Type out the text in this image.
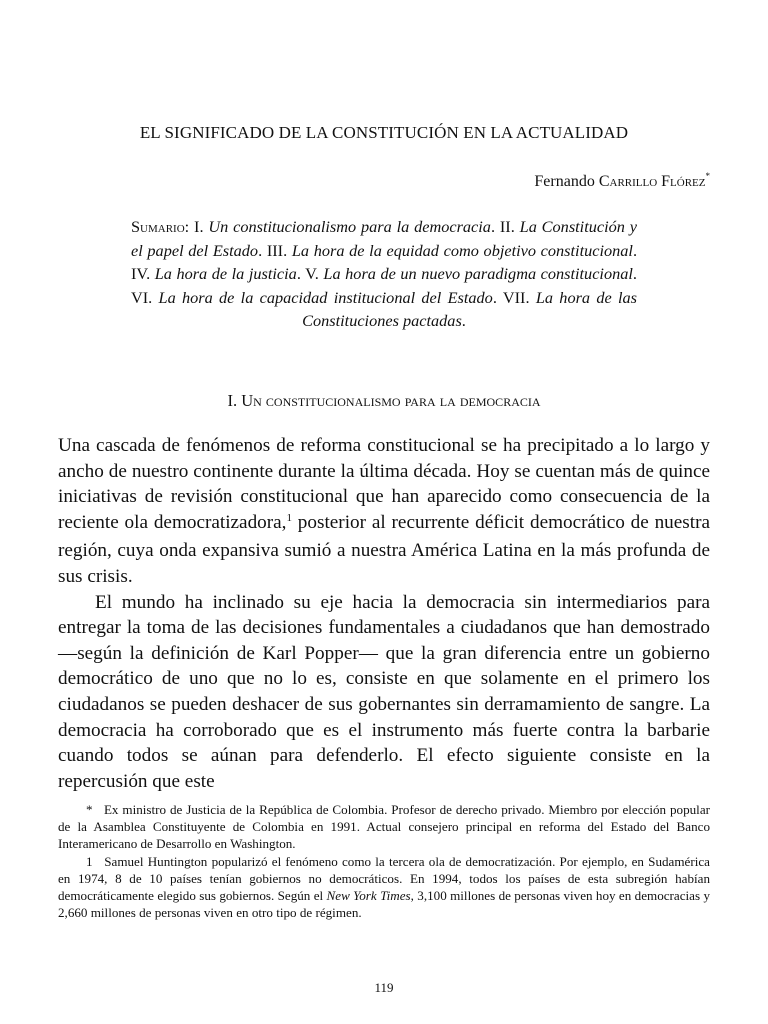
EL SIGNIFICADO DE LA CONSTITUCIÓN EN LA ACTUALIDAD
Fernando Carrillo Flórez*
Sumario: I. Un constitucionalismo para la democracia. II. La Constitución y el papel del Estado. III. La hora de la equidad como objetivo constitucional. IV. La hora de la justicia. V. La hora de un nuevo paradigma constitucional. VI. La hora de la capacidad institucional del Estado. VII. La hora de las Constituciones pactadas.
I. Un constitucionalismo para la democracia

Una cascada de fenómenos de reforma constitucional se ha precipitado a lo largo y ancho de nuestro continente durante la última década. Hoy se cuentan más de quince iniciativas de revisión constitucional que han aparecido como consecuencia de la reciente ola democratizadora,$^1$ posterior al recurrente déficit democrático de nuestra región, cuya onda expansiva sumió a nuestra América Latina en la más profunda de sus crisis.

El mundo ha inclinado su eje hacia la democracia sin intermediarios para entregar la toma de las decisiones fundamentales a ciudadanos que han demostrado —según la definición de Karl Popper— que la gran diferencia entre un gobierno democrático de uno que no lo es, consiste en que solamente en el primero los ciudadanos se pueden deshacer de sus gobernantes sin derramamiento de sangre. La democracia ha corroborado que es el instrumento más fuerte contra la barbarie cuando todos se aúnan para defenderlo. El efecto siguiente consiste en la repercusión que este

* Ex ministro de Justicia de la República de Colombia. Profesor de derecho privado. Miembro por elección popular de la Asamblea Constituyente de Colombia en 1991. Actual consejero principal en reforma del Estado del Banco Interamericano de Desarrollo en Washington.

1 Samuel Huntington popularizó el fenómeno como la tercera ola de democratización. Por ejemplo, en Sudamérica en 1974, 8 de 10 países tenían gobiernos no democráticos. En 1994, todos los países de esta subregión habían democráticamente elegido sus gobiernos. Según el New York Times, 3,100 millones de personas viven hoy en democracias y 2,660 millones de personas viven en otro tipo de régimen.

119
